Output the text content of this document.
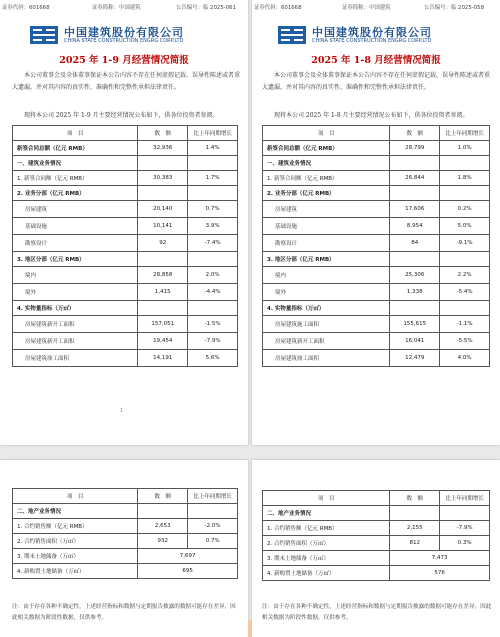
证券代码：601668	证券简称：中国建筑	公告编号：临 2025-061
中国建筑股份有限公司
CHINA STATE CONSTRUCTION ENGRG.CORP.LTD
2025 年 1-9 月经营情况简报
本公司董事会及全体董事保证本公告内容不存在任何虚假记载、误导性陈述或者重大遗漏，并对其内容的真实性、准确性和完整性承担法律责任。
现将本公司 2025 年 1-9 月主要经营情况公布如下，供各位投资者参阅。
项　目	数　额	比上年同期增长
新签合同总额（亿元 RMB）	32,936	1.4%
一、建筑业务情况		
1. 新签合同额（亿元 RMB）	30,383	1.7%
2. 业务分部（亿元 RMB）		
房屋建筑	20,140	0.7%
基础设施	10,141	3.9%
勘察设计	92	-7.4%
3. 地区分部（亿元 RMB）		
境内	28,858	2.0%
境外	1,415	-4.4%
4. 实物量指标（万㎡）		
房屋建筑新开工面积	157,051	-1.5%
房屋建筑新开工面积	19,454	-7.9%
房屋建筑竣工面积	14,191	5.6%
1
证券代码：601668	证券简称：中国建筑	公告编号：临 2025-058
中国建筑股份有限公司
CHINA STATE CONSTRUCTION ENGRG.CORP.LTD
2025 年 1-8 月经营情况简报
本公司董事会及全体董事保证本公告内容不存在任何虚假记载、误导性陈述或者重大遗漏，并对其内容的真实性、准确性和完整性承担法律责任。
现将本公司 2025 年 1-8 月主要经营情况公布如下，供各位投资者参阅。
项　目	数　额	比上年同期增长
新签合同总额（亿元 RMB）	28,799	1.0%
一、建筑业务情况		
1. 新签合同额（亿元 RMB）	26,844	1.8%
2. 业务分部（亿元 RMB）		
房屋建筑	17,606	0.2%
基础设施	8,954	5.0%
勘察设计	84	-9.1%
3. 地区分部（亿元 RMB）		
境内	25,306	2.2%
境外	1,338	-5.4%
4. 实物量指标（万㎡）		
房屋建筑施工面积	155,615	-1.1%
房屋建筑新开工面积	16,041	-5.5%
房屋建筑竣工面积	12,479	4.0%
项　目	数　额	比上年同期增长
二、地产业务情况		
1. 合约销售额（亿元 RMB）	2,653	-2.0%
2. 合约销售面积（万㎡）	932	0.7%
3. 期末土地储备（万㎡）	7,697	
4. 新购置土地储备（万㎡）	695	
注：由于存在各种不确定性，上述经营指标和数据与定期报告披露的数据可能存在差异，因此相关数据为阶段性数据，仅供参考。
项　目	数　额	比上年同期增长
二、地产业务情况		
1. 合约销售额（亿元 RMB）	2,155	-7.9%
2. 合约销售面积（万㎡）	812	0.3%
3. 期末土地储备（万㎡）	7,473	
4. 新购置土地储备（万㎡）	576	
注：由于存在各种不确定性，上述经营指标和数据与定期报告披露的数据可能存在差异，因此相关数据为阶段性数据，仅供参考。
